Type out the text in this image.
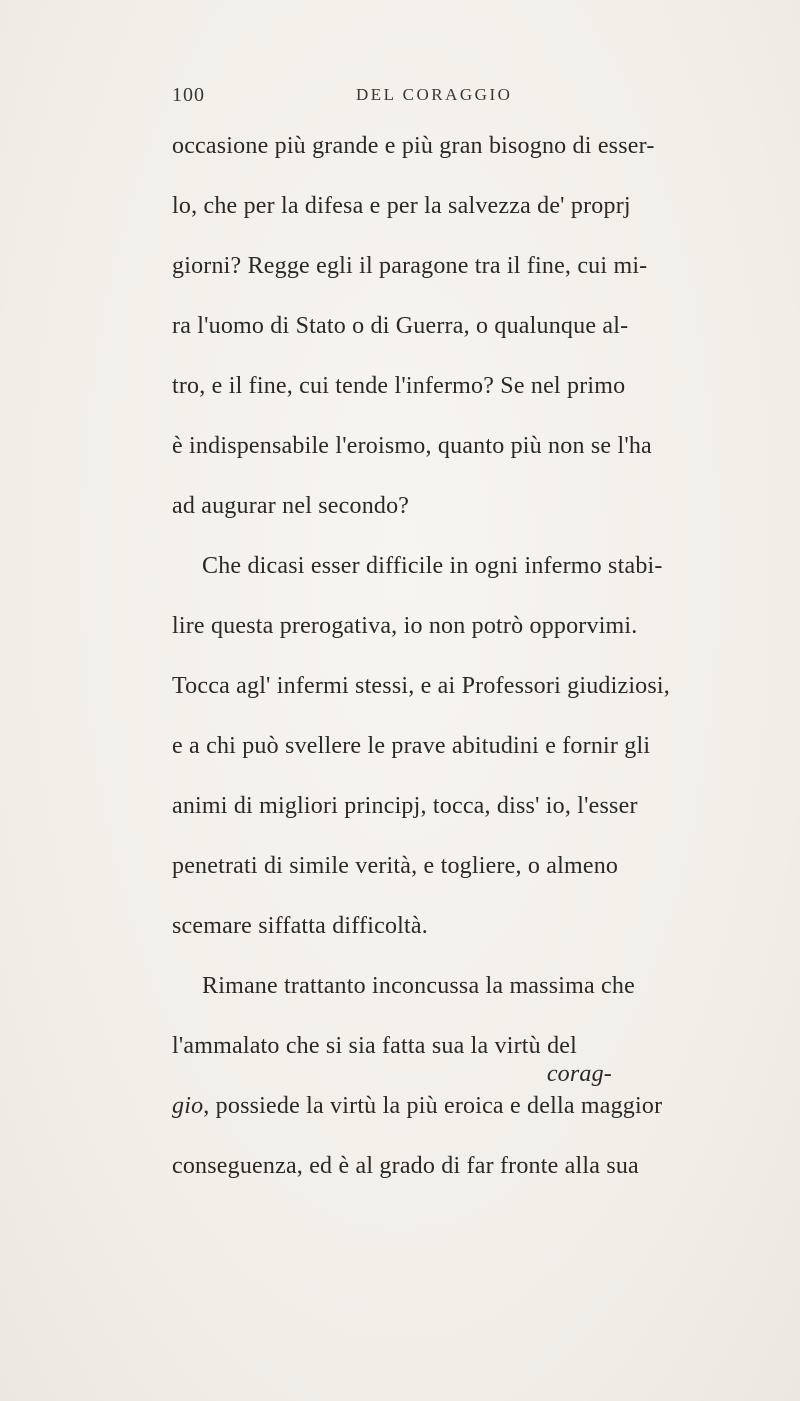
100	DEL CORAGGIO
occasione più grande e più gran bisogno di esser-
lo, che per la difesa e per la salvezza de' proprj
giorni? Regge egli il paragone tra il fine, cui mi-
ra l'uomo di Stato o di Guerra, o qualunque al-
tro, e il fine, cui tende l'infermo? Se nel primo
è indispensabile l'eroismo, quanto più non se l'ha
ad augurar nel secondo?
Che dicasi esser difficile in ogni infermo stabi-
lire questa prerogativa, io non potrò opporvimi.
Tocca agl' infermi stessi, e ai Professori giudiziosi,
e a chi può svellere le prave abitudini e fornir gli
animi di migliori principj, tocca, diss' io, l'esser
penetrati di simile verità, e togliere, o almeno
scemare siffatta difficoltà.
Rimane trattanto inconcussa la massima che
l'ammalato che si sia fatta sua la virtù del
corag-
gio, possiede la virtù la più eroica e della maggior
conseguenza, ed è al grado di far fronte alla sua
